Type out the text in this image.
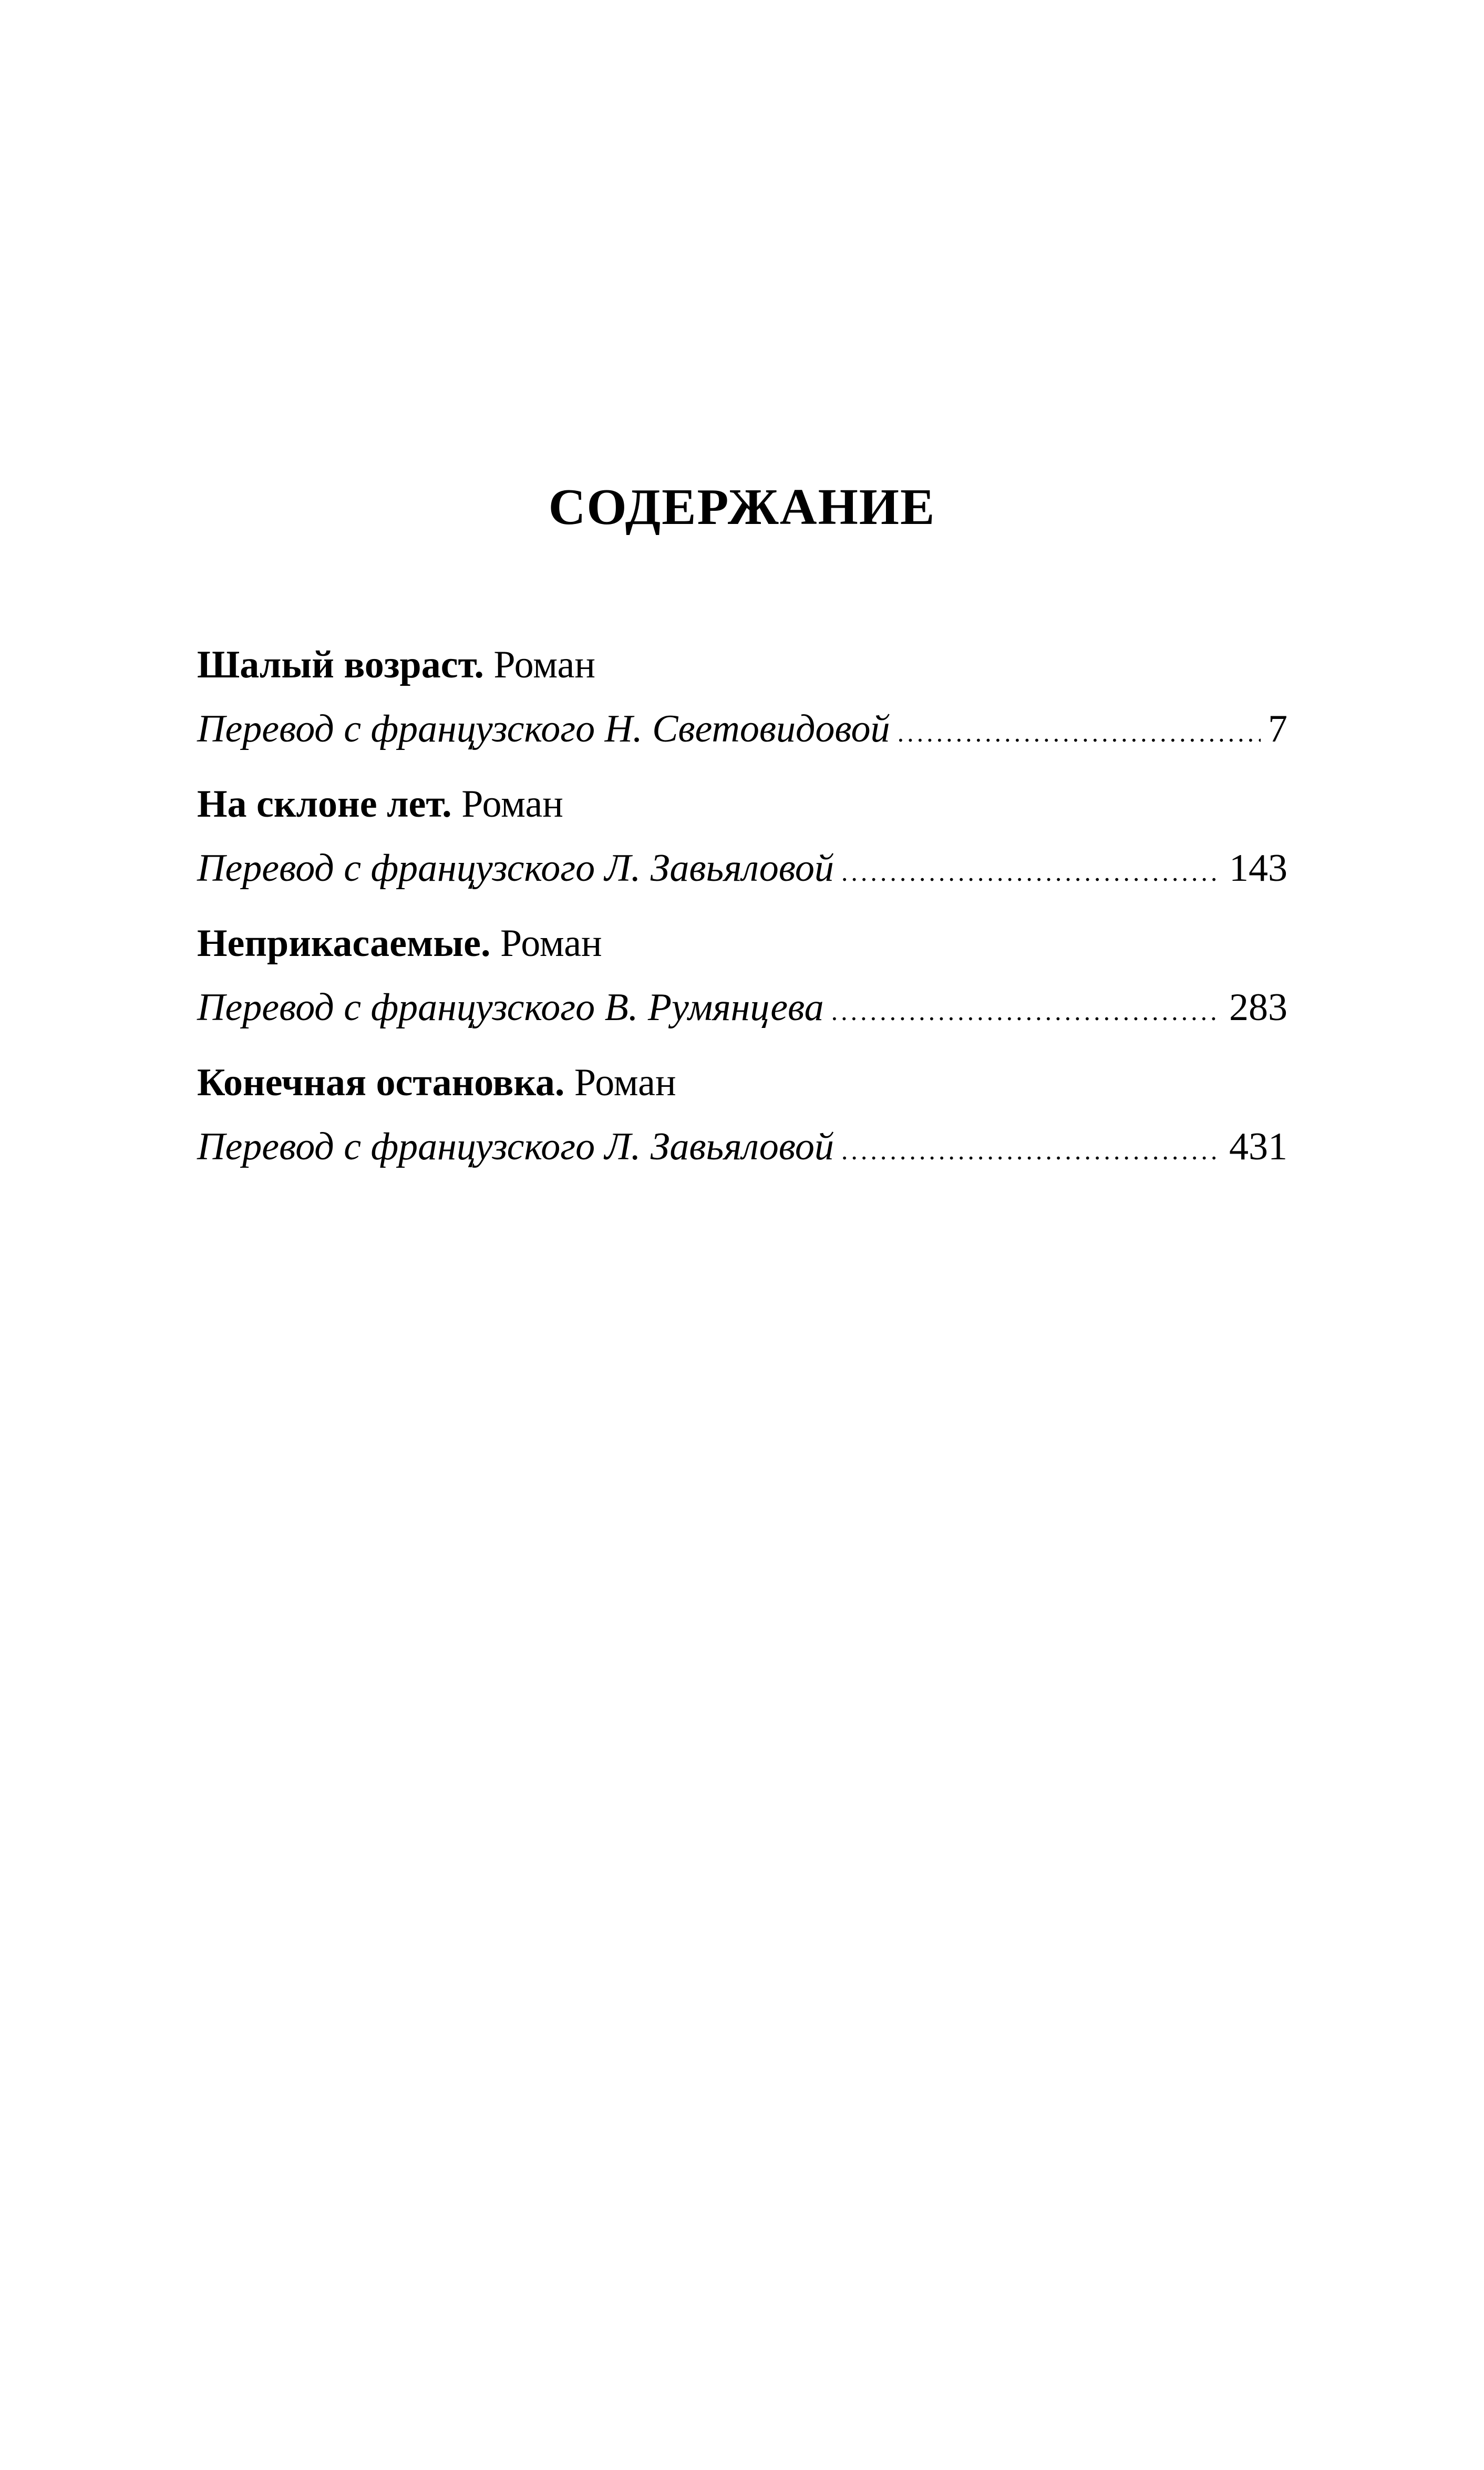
СОДЕРЖАНИЕ
Шалый возраст. Роман
Перевод с французского Н. Световидовой .....	7
На склоне лет. Роман
Перевод с французского Л. Завьяловой .....	143
Неприкасаемые. Роман
Перевод с французского В. Румянцева .....	283
Конечная остановка. Роман
Перевод с французского Л. Завьяловой .....	431
